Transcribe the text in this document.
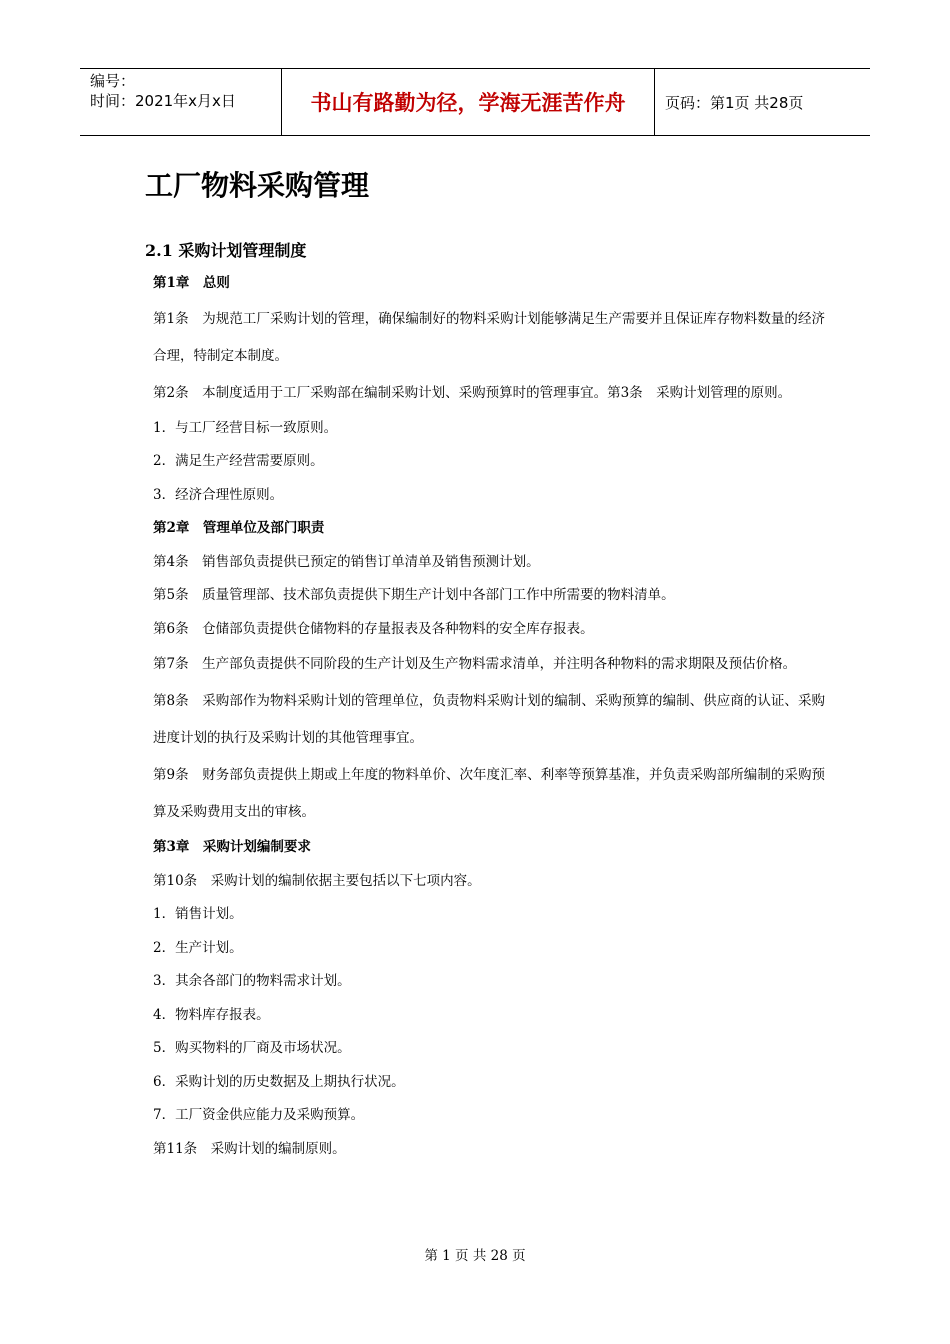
编号：
时间：2021年x月x日	书山有路勤为径，学海无涯苦作舟	页码：第1页 共28页
工厂物料采购管理
2.1 采购计划管理制度
第1章　总则
第1条　为规范工厂采购计划的管理，确保编制好的物料采购计划能够满足生产需要并且保证库存物料数量的经济合理，特制定本制度。
第2条　本制度适用于工厂采购部在编制采购计划、采购预算时的管理事宜。第3条　采购计划管理的原则。
1．与工厂经营目标一致原则。
2．满足生产经营需要原则。
3．经济合理性原则。
第2章　管理单位及部门职责
第4条　销售部负责提供已预定的销售订单清单及销售预测计划。
第5条　质量管理部、技术部负责提供下期生产计划中各部门工作中所需要的物料清单。
第6条　仓储部负责提供仓储物料的存量报表及各种物料的安全库存报表。
第7条　生产部负责提供不同阶段的生产计划及生产物料需求清单，并注明各种物料的需求期限及预估价格。
第8条　采购部作为物料采购计划的管理单位，负责物料采购计划的编制、采购预算的编制、供应商的认证、采购进度计划的执行及采购计划的其他管理事宜。
第9条　财务部负责提供上期或上年度的物料单价、次年度汇率、利率等预算基准，并负责采购部所编制的采购预算及采购费用支出的审核。
第3章　采购计划编制要求
第10条　采购计划的编制依据主要包括以下七项内容。
1．销售计划。
2．生产计划。
3．其余各部门的物料需求计划。
4．物料库存报表。
5．购买物料的厂商及市场状况。
6．采购计划的历史数据及上期执行状况。
7．工厂资金供应能力及采购预算。
第11条　采购计划的编制原则。
第 1 页 共 28 页
